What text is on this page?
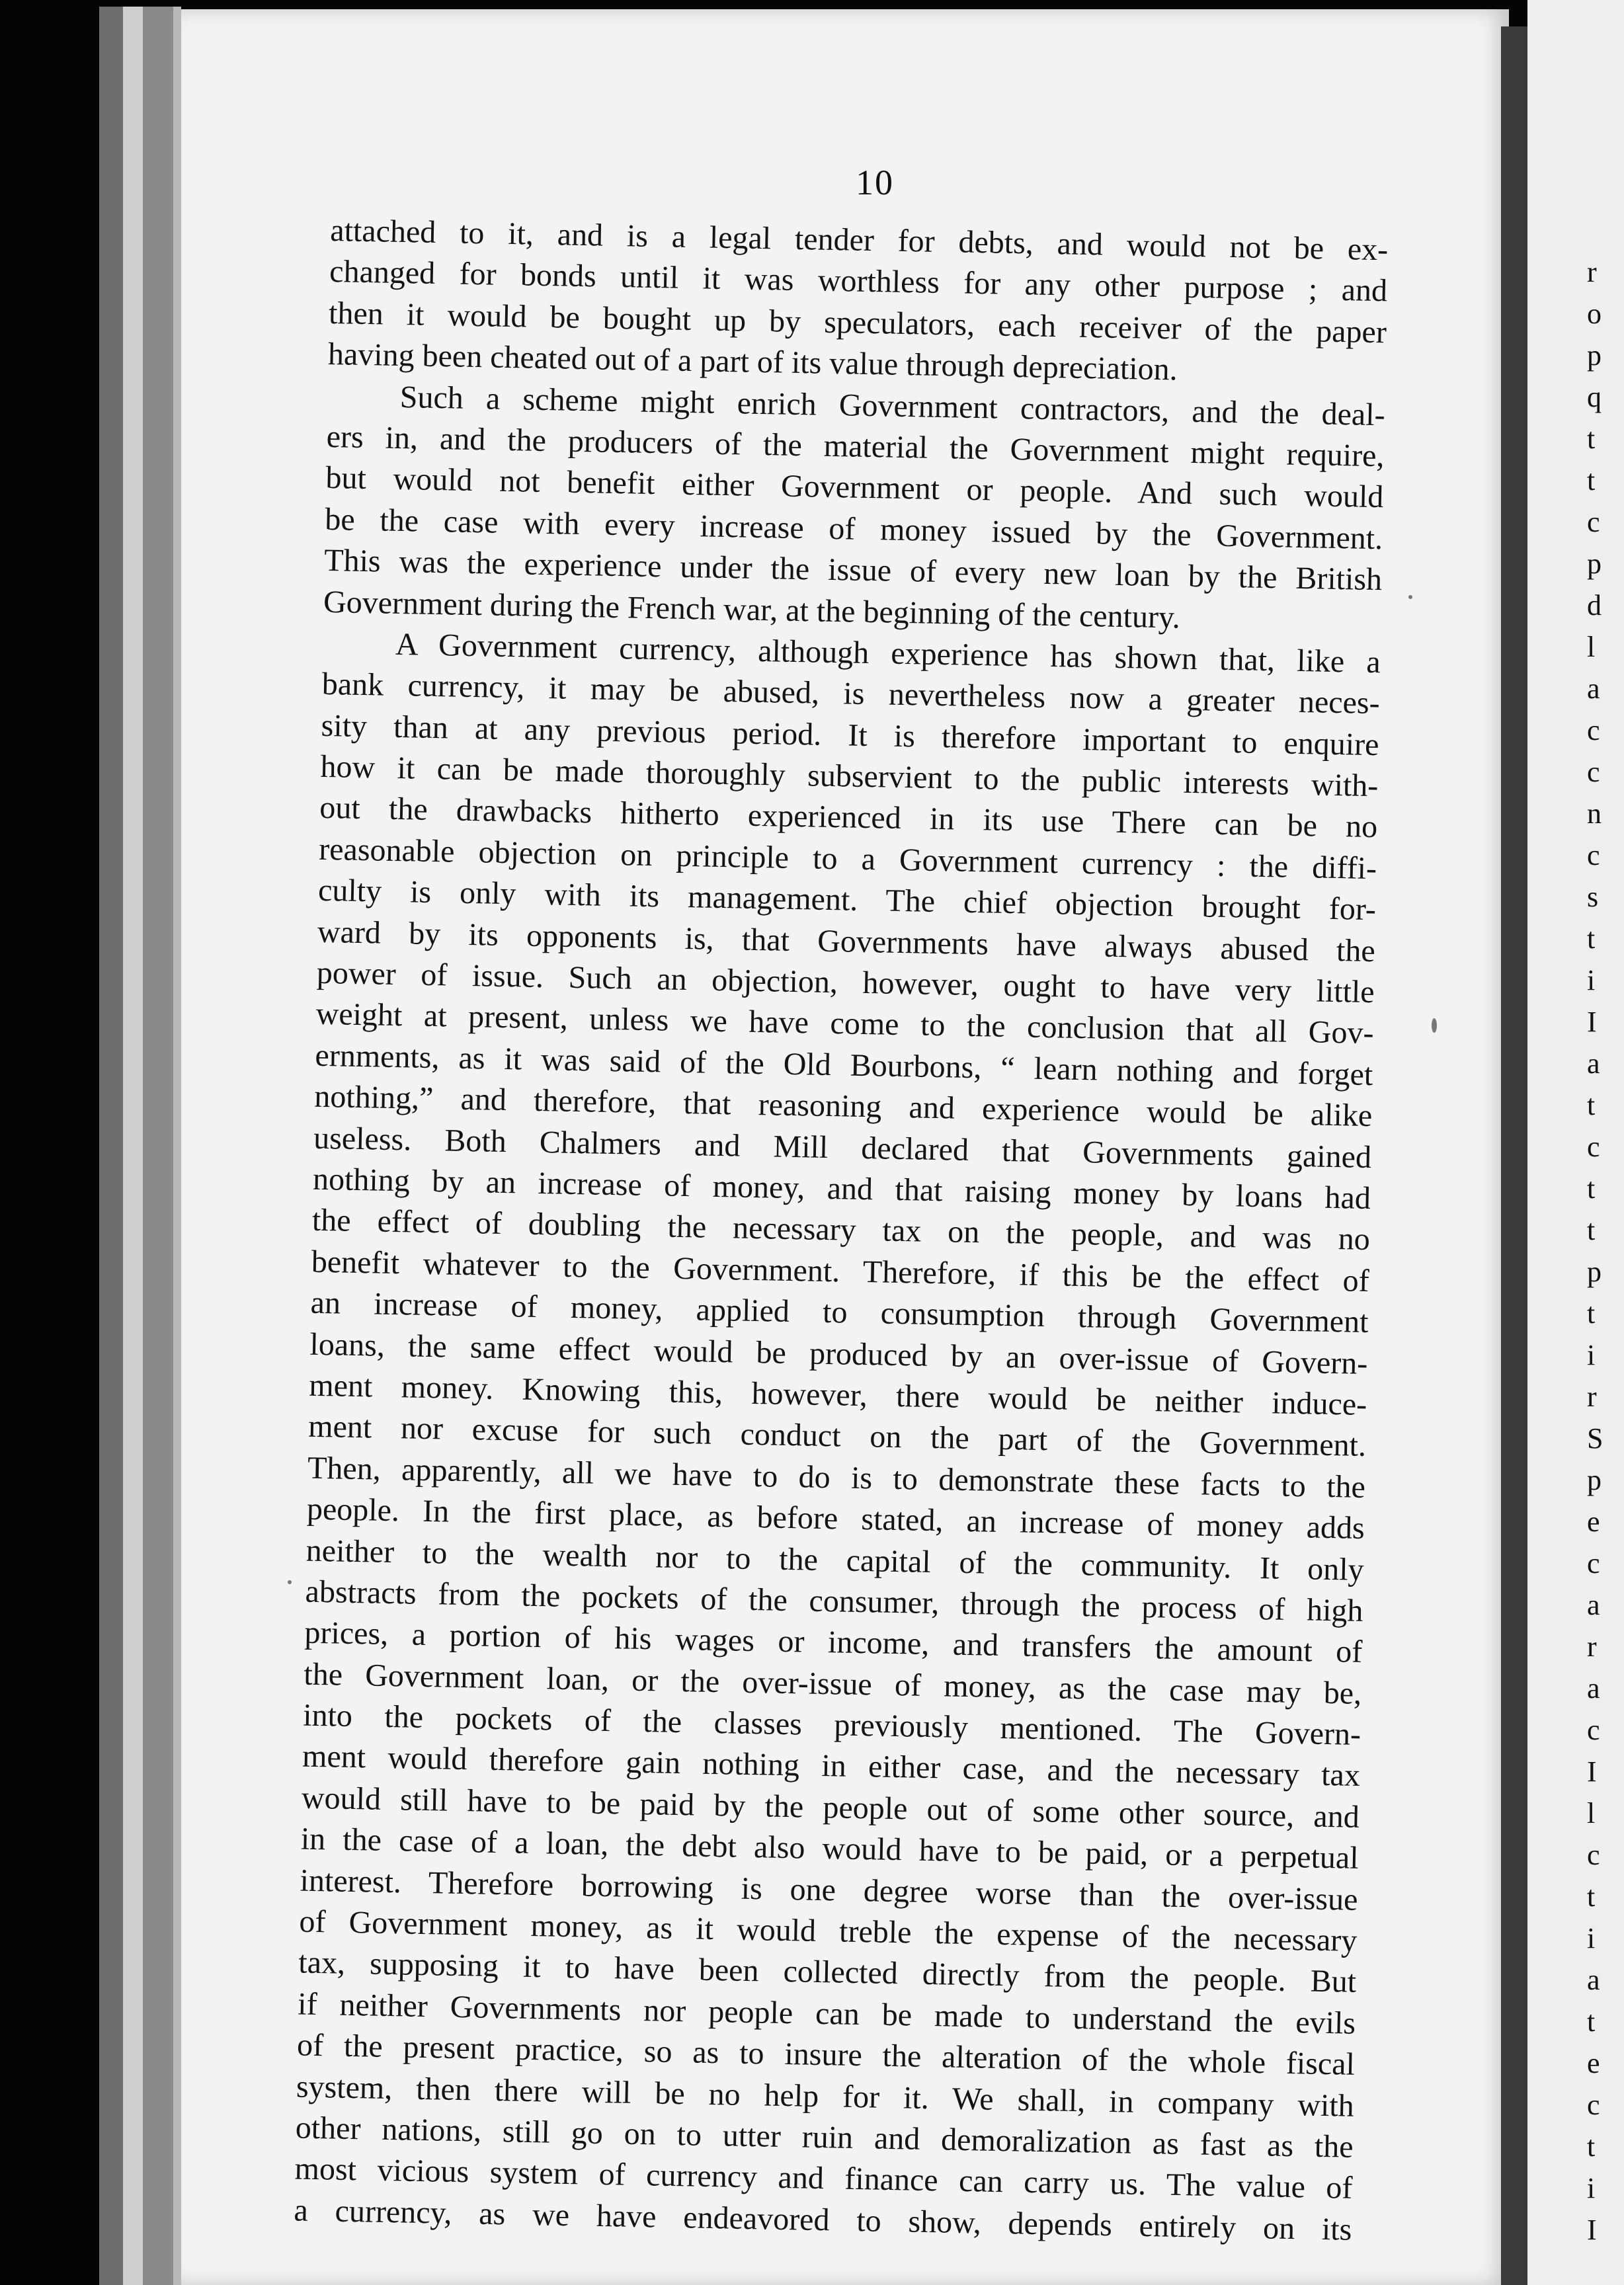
r
o
p
q
t
t
c
p
d
l
a
c
c
n
c
s
t
i
I
a
t
c
t
t
p
t
i
r
S
p
e
c
a
r
a
c
I
l
c
t
i
a
t
e
c
t
i
I
10
attached to it, and is a legal tender for debts, and would not be ex-
changed for bonds until it was worthless for any other purpose ; and
then it would be bought up by speculators, each receiver of the paper
having been cheated out of a part of its value through depreciation.
Such a scheme might enrich Government contractors, and the deal-
ers in, and the producers of the material the Government might require,
but would not benefit either Government or people. And such would
be the case with every increase of money issued by the Government.
This was the experience under the issue of every new loan by the British
Government during the French war, at the beginning of the century.
A Government currency, although experience has shown that, like a
bank currency, it may be abused, is nevertheless now a greater neces-
sity than at any previous period. It is therefore important to enquire
how it can be made thoroughly subservient to the public interests with-
out the drawbacks hitherto experienced in its use There can be no
reasonable objection on principle to a Government currency : the diffi-
culty is only with its management. The chief objection brought for-
ward by its opponents is, that Governments have always abused the
power of issue. Such an objection, however, ought to have very little
weight at present, unless we have come to the conclusion that all Gov-
ernments, as it was said of the Old Bourbons, “ learn nothing and forget
nothing,” and therefore, that reasoning and experience would be alike
useless. Both Chalmers and Mill declared that Governments gained
nothing by an increase of money, and that raising money by loans had
the effect of doubling the necessary tax on the people, and was no
benefit whatever to the Government. Therefore, if this be the effect of
an increase of money, applied to consumption through Government
loans, the same effect would be produced by an over-issue of Govern-
ment money. Knowing this, however, there would be neither induce-
ment nor excuse for such conduct on the part of the Government.
Then, apparently, all we have to do is to demonstrate these facts to the
people. In the first place, as before stated, an increase of money adds
neither to the wealth nor to the capital of the community. It only
abstracts from the pockets of the consumer, through the process of high
prices, a portion of his wages or income, and transfers the amount of
the Government loan, or the over-issue of money, as the case may be,
into the pockets of the classes previously mentioned. The Govern-
ment would therefore gain nothing in either case, and the necessary tax
would still have to be paid by the people out of some other source, and
in the case of a loan, the debt also would have to be paid, or a perpetual
interest. Therefore borrowing is one degree worse than the over-issue
of Government money, as it would treble the expense of the necessary
tax, supposing it to have been collected directly from the people. But
if neither Governments nor people can be made to understand the evils
of the present practice, so as to insure the alteration of the whole fiscal
system, then there will be no help for it. We shall, in company with
other nations, still go on to utter ruin and demoralization as fast as the
most vicious system of currency and finance can carry us. The value of
a currency, as we have endeavored to show, depends entirely on its
